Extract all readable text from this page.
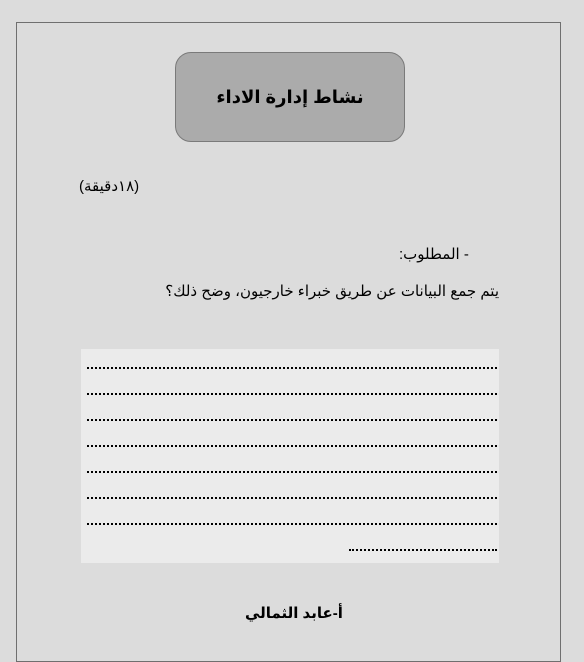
نشاط إدارة الاداء
(١٨دقيقة)
- المطلوب:
يتم جمع البيانات عن طريق خبراء خارجيون، وضح ذلك؟
أ-عابد الثمالي
